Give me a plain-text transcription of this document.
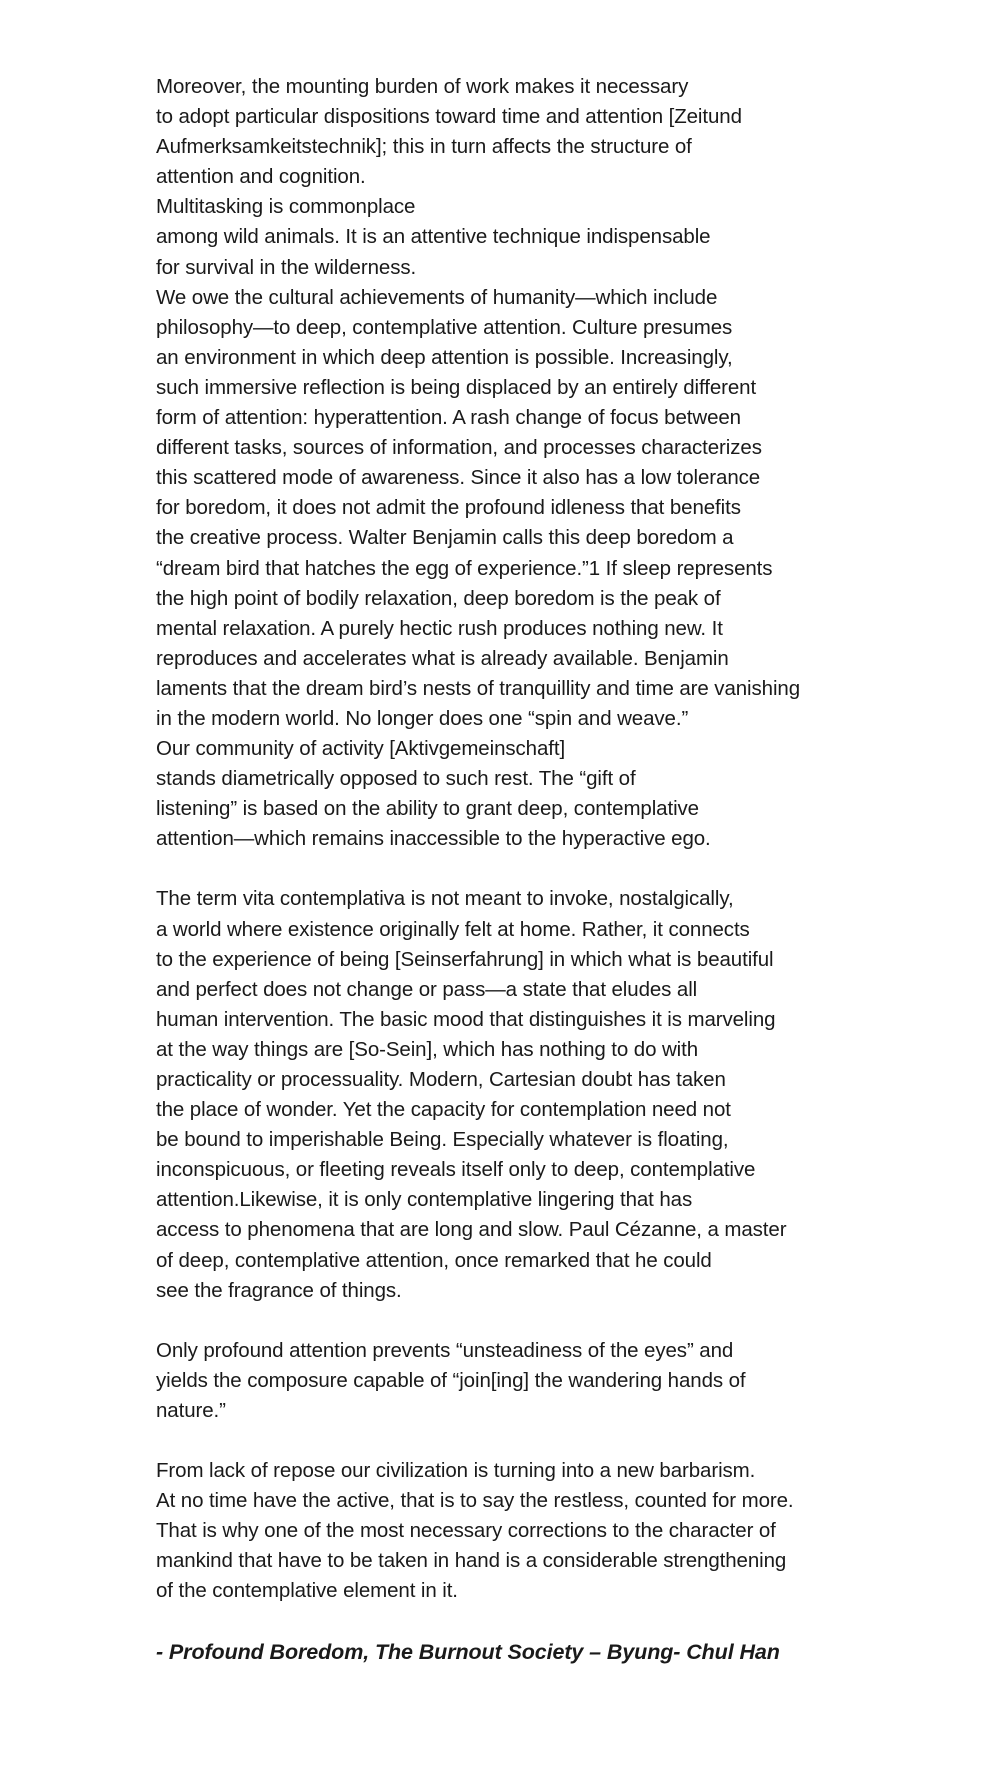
Moreover, the mounting burden of work makes it necessary
to adopt particular dispositions toward time and attention [Zeitund
Aufmerksamkeitstechnik]; this in turn affects the structure of
attention and cognition.
Multitasking is commonplace
among wild animals. It is an attentive technique indispensable
for survival in the wilderness.
We owe the cultural achievements of humanity—which include
philosophy—to deep, contemplative attention. Culture presumes
an environment in which deep attention is possible. Increasingly,
such immersive reflection is being displaced by an entirely different
form of attention: hyperattention. A rash change of focus between
different tasks, sources of information, and processes characterizes
this scattered mode of awareness. Since it also has a low tolerance
for boredom, it does not admit the profound idleness that benefits
the creative process. Walter Benjamin calls this deep boredom a
“dream bird that hatches the egg of experience.”1 If sleep represents
the high point of bodily relaxation, deep boredom is the peak of
mental relaxation. A purely hectic rush produces nothing new. It
reproduces and accelerates what is already available. Benjamin
laments that the dream bird’s nests of tranquillity and time are vanishing
in the modern world. No longer does one “spin and weave.”
Our community of activity [Aktivgemeinschaft]
stands diametrically opposed to such rest. The “gift of
listening” is based on the ability to grant deep, contemplative
attention—which remains inaccessible to the hyperactive ego.
The term vita contemplativa is not meant to invoke, nostalgically,
a world where existence originally felt at home. Rather, it connects
to the experience of being [Seinserfahrung] in which what is beautiful
and perfect does not change or pass—a state that eludes all
human intervention. The basic mood that distinguishes it is marveling
at the way things are [So-Sein], which has nothing to do with
practicality or processuality. Modern, Cartesian doubt has taken
the place of wonder. Yet the capacity for contemplation need not
be bound to imperishable Being. Especially whatever is floating,
inconspicuous, or fleeting reveals itself only to deep, contemplative
attention.Likewise, it is only contemplative lingering that has
access to phenomena that are long and slow. Paul Cézanne, a master
of deep, contemplative attention, once remarked that he could
see the fragrance of things.
Only profound attention prevents “unsteadiness of the eyes” and
yields the composure capable of “join[ing] the wandering hands of
nature.”
From lack of repose our civilization is turning into a new barbarism.
At no time have the active, that is to say the restless, counted for more.
That is why one of the most necessary corrections to the character of
mankind that have to be taken in hand is a considerable strengthening
of the contemplative element in it.
- Profound Boredom, The Burnout Society – Byung- Chul Han
